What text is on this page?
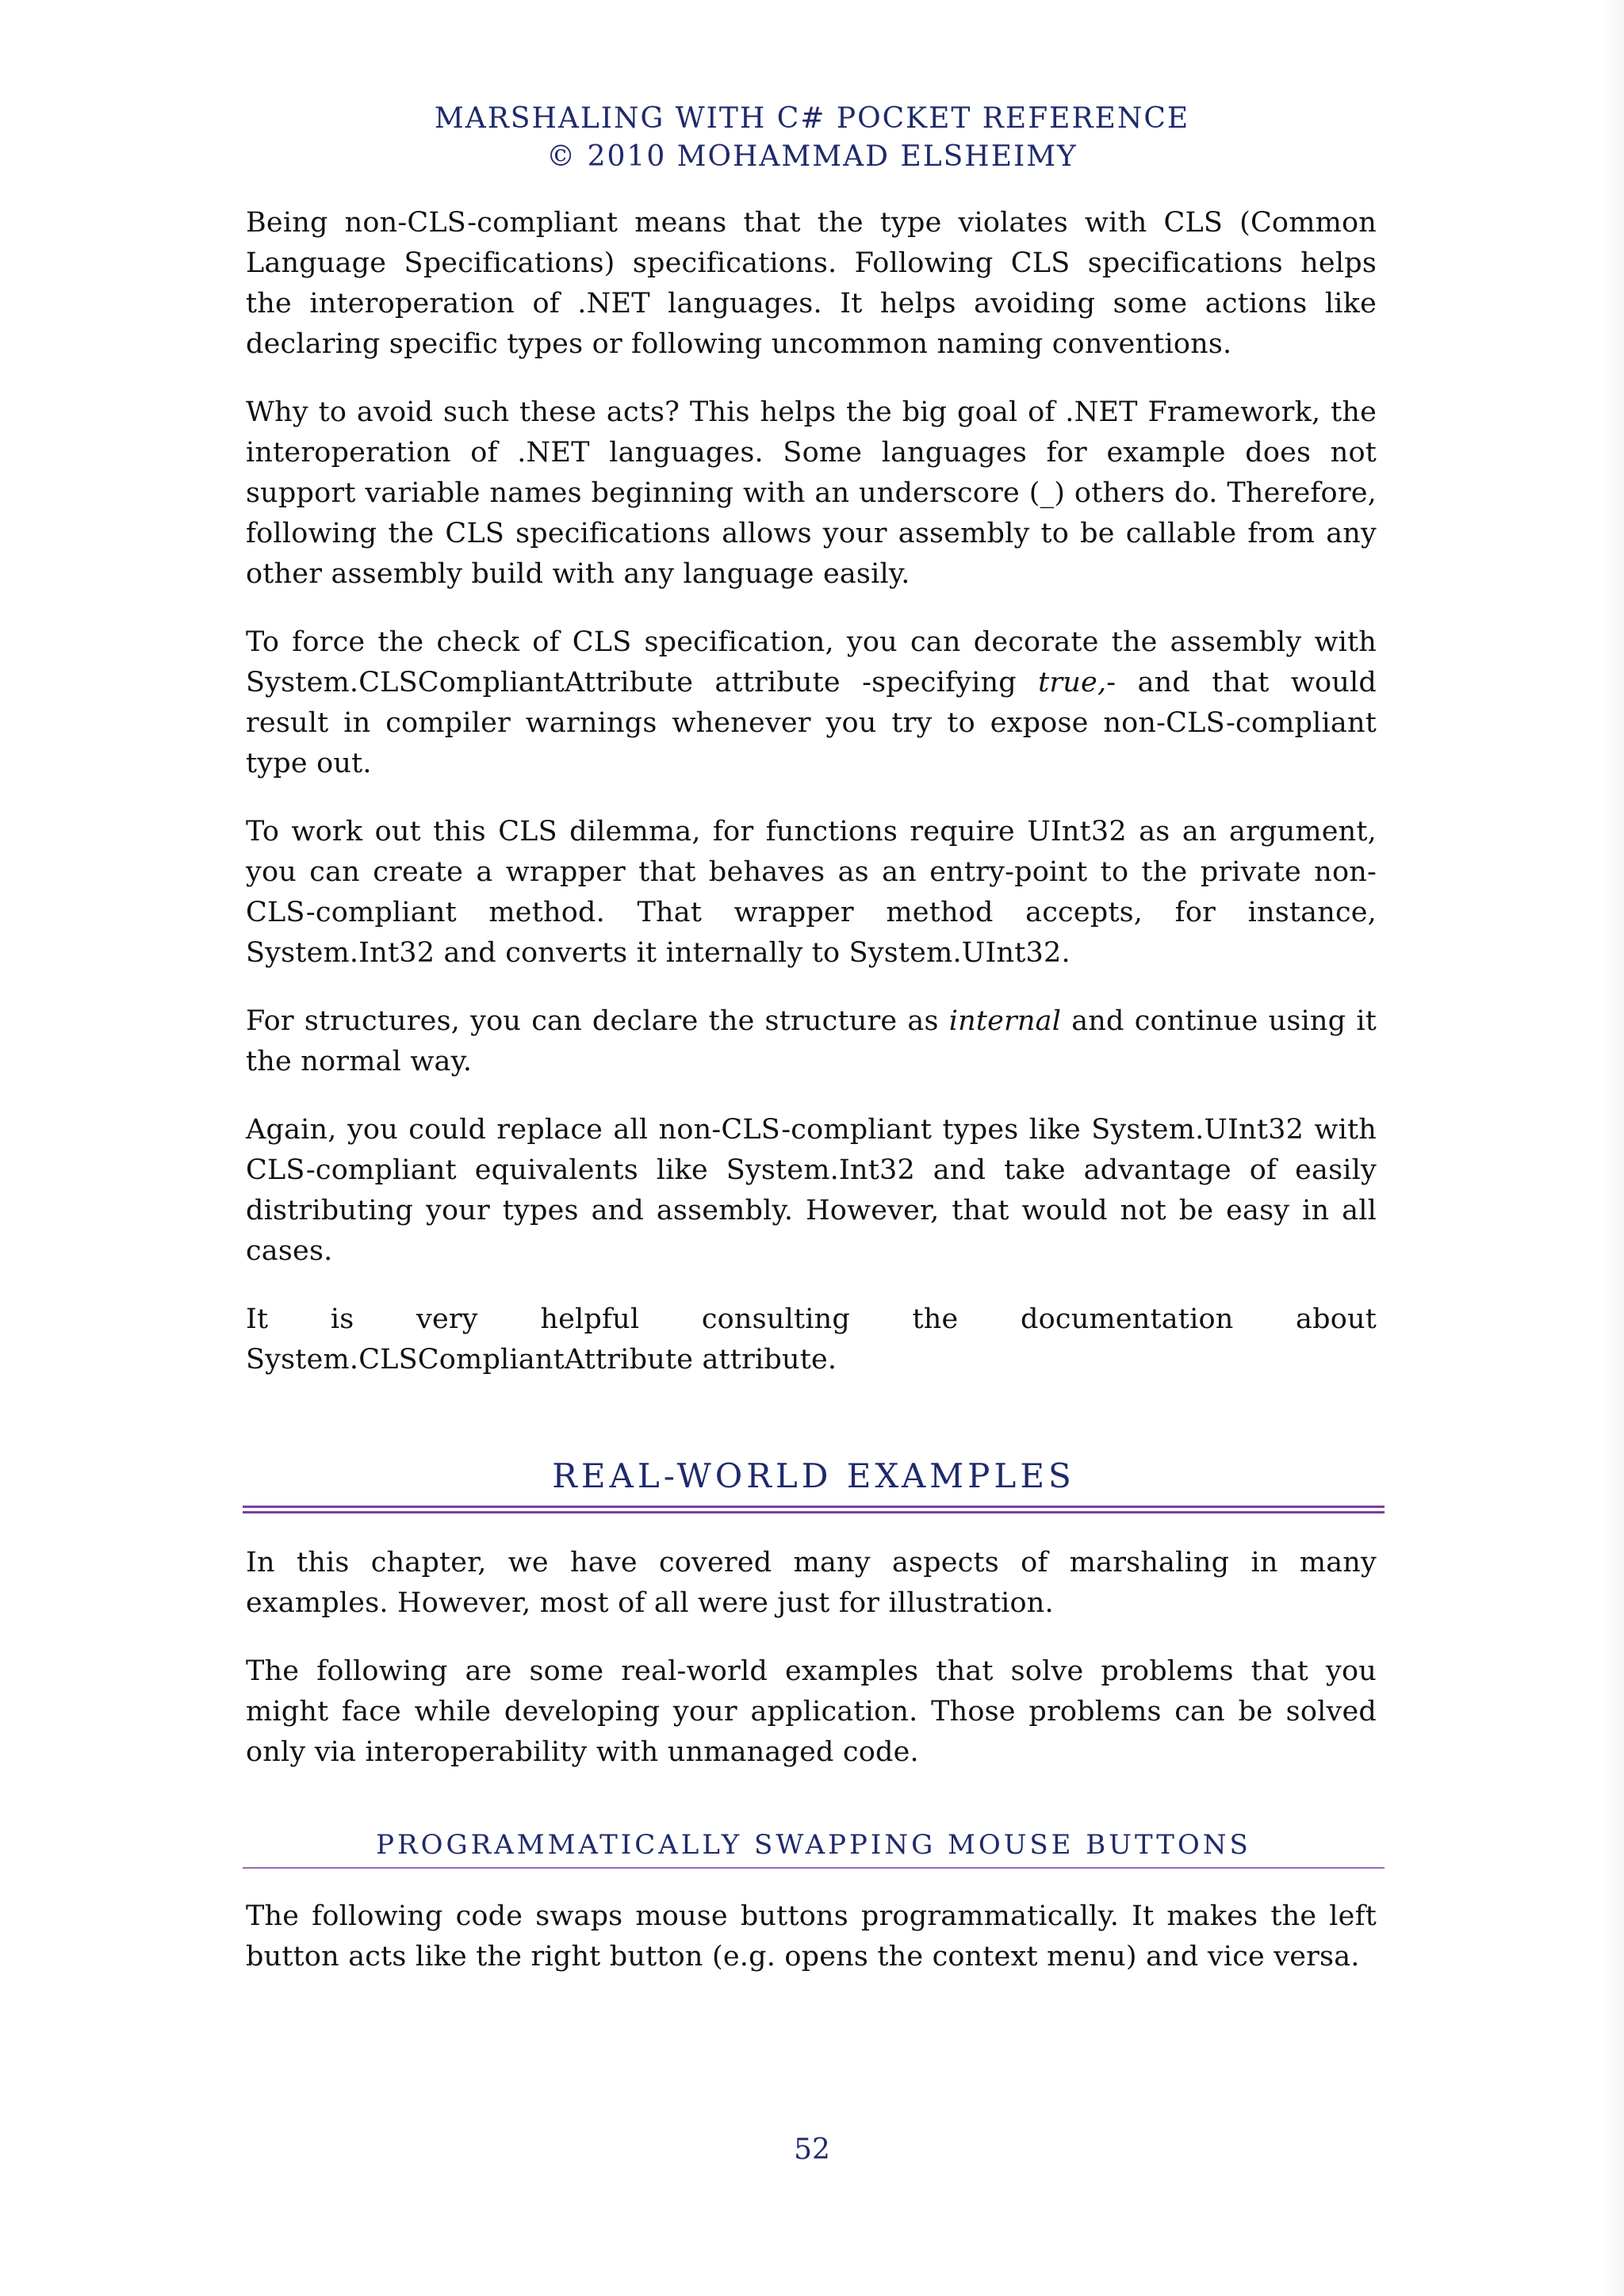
MARSHALING WITH C# POCKET REFERENCE
© 2010 MOHAMMAD ELSHEIMY

Being non-CLS-compliant means that the type violates with CLS (Common Language Specifications) specifications. Following CLS specifications helps the interoperation of .NET languages. It helps avoiding some actions like declaring specific types or following uncommon naming conventions.

Why to avoid such these acts? This helps the big goal of .NET Framework, the interoperation of .NET languages. Some languages for example does not support variable names beginning with an underscore (_) others do. Therefore, following the CLS specifications allows your assembly to be callable from any other assembly build with any language easily.

To force the check of CLS specification, you can decorate the assembly with System.CLSCompliantAttribute attribute -specifying true,- and that would result in compiler warnings whenever you try to expose non-CLS-compliant type out.

To work out this CLS dilemma, for functions require UInt32 as an argument, you can create a wrapper that behaves as an entry-point to the private non-CLS-compliant method. That wrapper method accepts, for instance, System.Int32 and converts it internally to System.UInt32.

For structures, you can declare the structure as internal and continue using it the normal way.

Again, you could replace all non-CLS-compliant types like System.UInt32 with CLS-compliant equivalents like System.Int32 and take advantage of easily distributing your types and assembly. However, that would not be easy in all cases.

It is very helpful consulting the documentation about
System.CLSCompliantAttribute attribute.

REAL-WORLD EXAMPLES

In this chapter, we have covered many aspects of marshaling in many examples. However, most of all were just for illustration.

The following are some real-world examples that solve problems that you might face while developing your application. Those problems can be solved only via interoperability with unmanaged code.

PROGRAMMATICALLY SWAPPING MOUSE BUTTONS

The following code swaps mouse buttons programmatically. It makes the left button acts like the right button (e.g. opens the context menu) and vice versa.

52
